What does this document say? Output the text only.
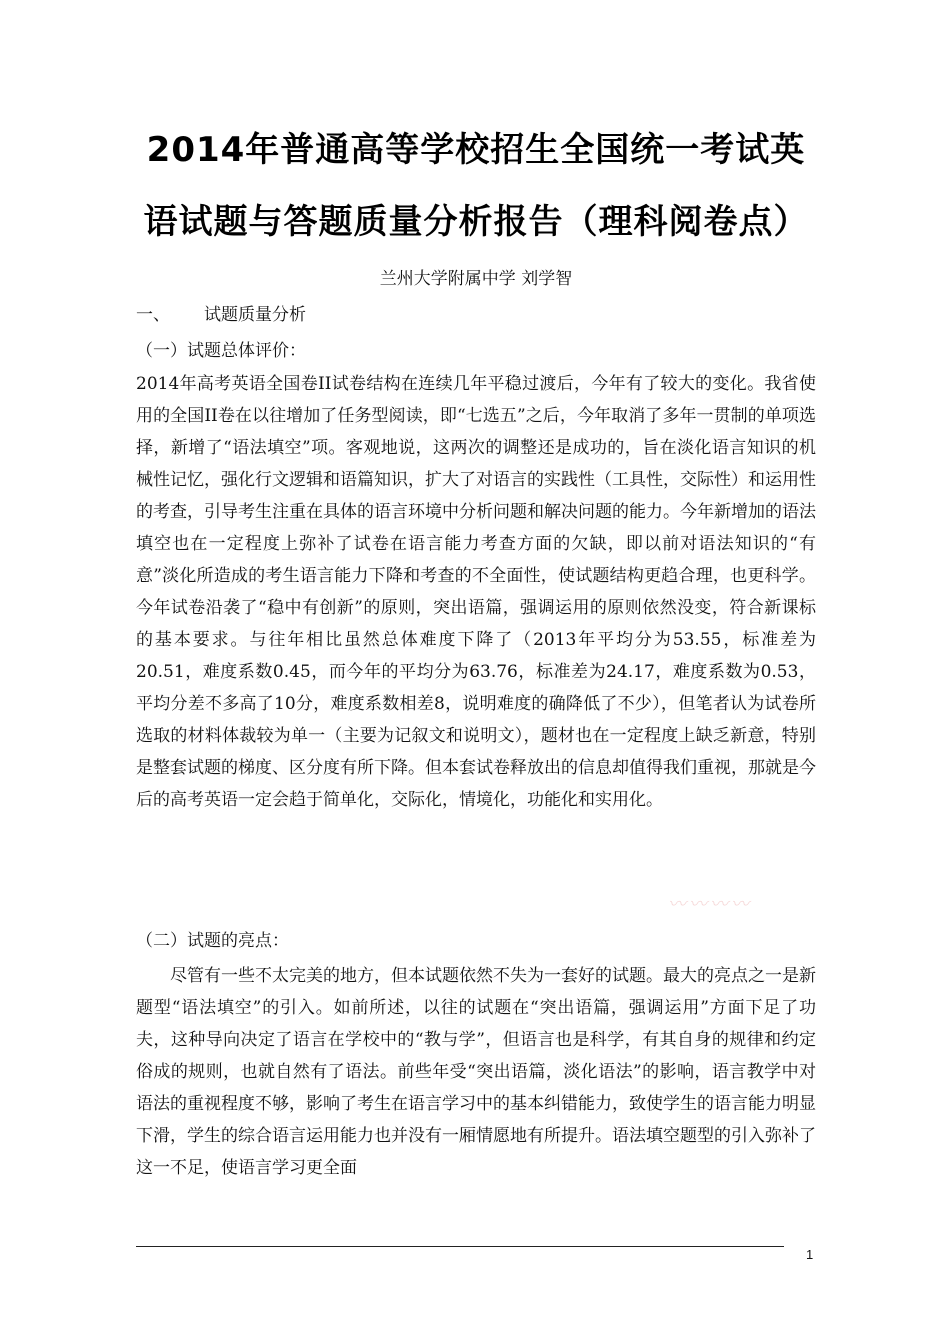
2014年普通高等学校招生全国统一考试英
语试题与答题质量分析报告（理科阅卷点）
兰州大学附属中学 刘学智
一、 试题质量分析
（一）试题总体评价：
2014年高考英语全国卷II试卷结构在连续几年平稳过渡后，今年有了较大的变化。我省使用的全国II卷在以往增加了任务型阅读，即“七选五”之后，今年取消了多年一贯制的单项选择，新增了“语法填空”项。客观地说，这两次的调整还是成功的，旨在淡化语言知识的机械性记忆，强化行文逻辑和语篇知识，扩大了对语言的实践性（工具性，交际性）和运用性的考查，引导考生注重在具体的语言环境中分析问题和解决问题的能力。今年新增加的语法填空也在一定程度上弥补了试卷在语言能力考查方面的欠缺，即以前对语法知识的“有意”淡化所造成的考生语言能力下降和考查的不全面性，使试题结构更趋合理，也更科学。今年试卷沿袭了“稳中有创新”的原则，突出语篇，强调运用的原则依然没变，符合新课标的基本要求。与往年相比虽然总体难度下降了（2013年平均分为53.55，标准差为20.51，难度系数0.45，而今年的平均分为63.76，标准差为24.17，难度系数为0.53，平均分差不多高了10分，难度系数相差8，说明难度的确降低了不少），但笔者认为试卷所选取的材料体裁较为单一（主要为记叙文和说明文），题材也在一定程度上缺乏新意，特别是整套试题的梯度、区分度有所下降。但本套试卷释放出的信息却值得我们重视，那就是今后的高考英语一定会趋于简单化，交际化，情境化，功能化和实用化。
〰〰〰〰
（二）试题的亮点：
尽管有一些不太完美的地方，但本试题依然不失为一套好的试题。最大的亮点之一是新题型“语法填空”的引入。如前所述，以往的试题在“突出语篇，强调运用”方面下足了功夫，这种导向决定了语言在学校中的“教与学”，但语言也是科学，有其自身的规律和约定俗成的规则，也就自然有了语法。前些年受“突出语篇，淡化语法”的影响，语言教学中对语法的重视程度不够，影响了考生在语言学习中的基本纠错能力，致使学生的语言能力明显下滑，学生的综合语言运用能力也并没有一厢情愿地有所提升。语法填空题型的引入弥补了这一不足，使语言学习更全面
1
